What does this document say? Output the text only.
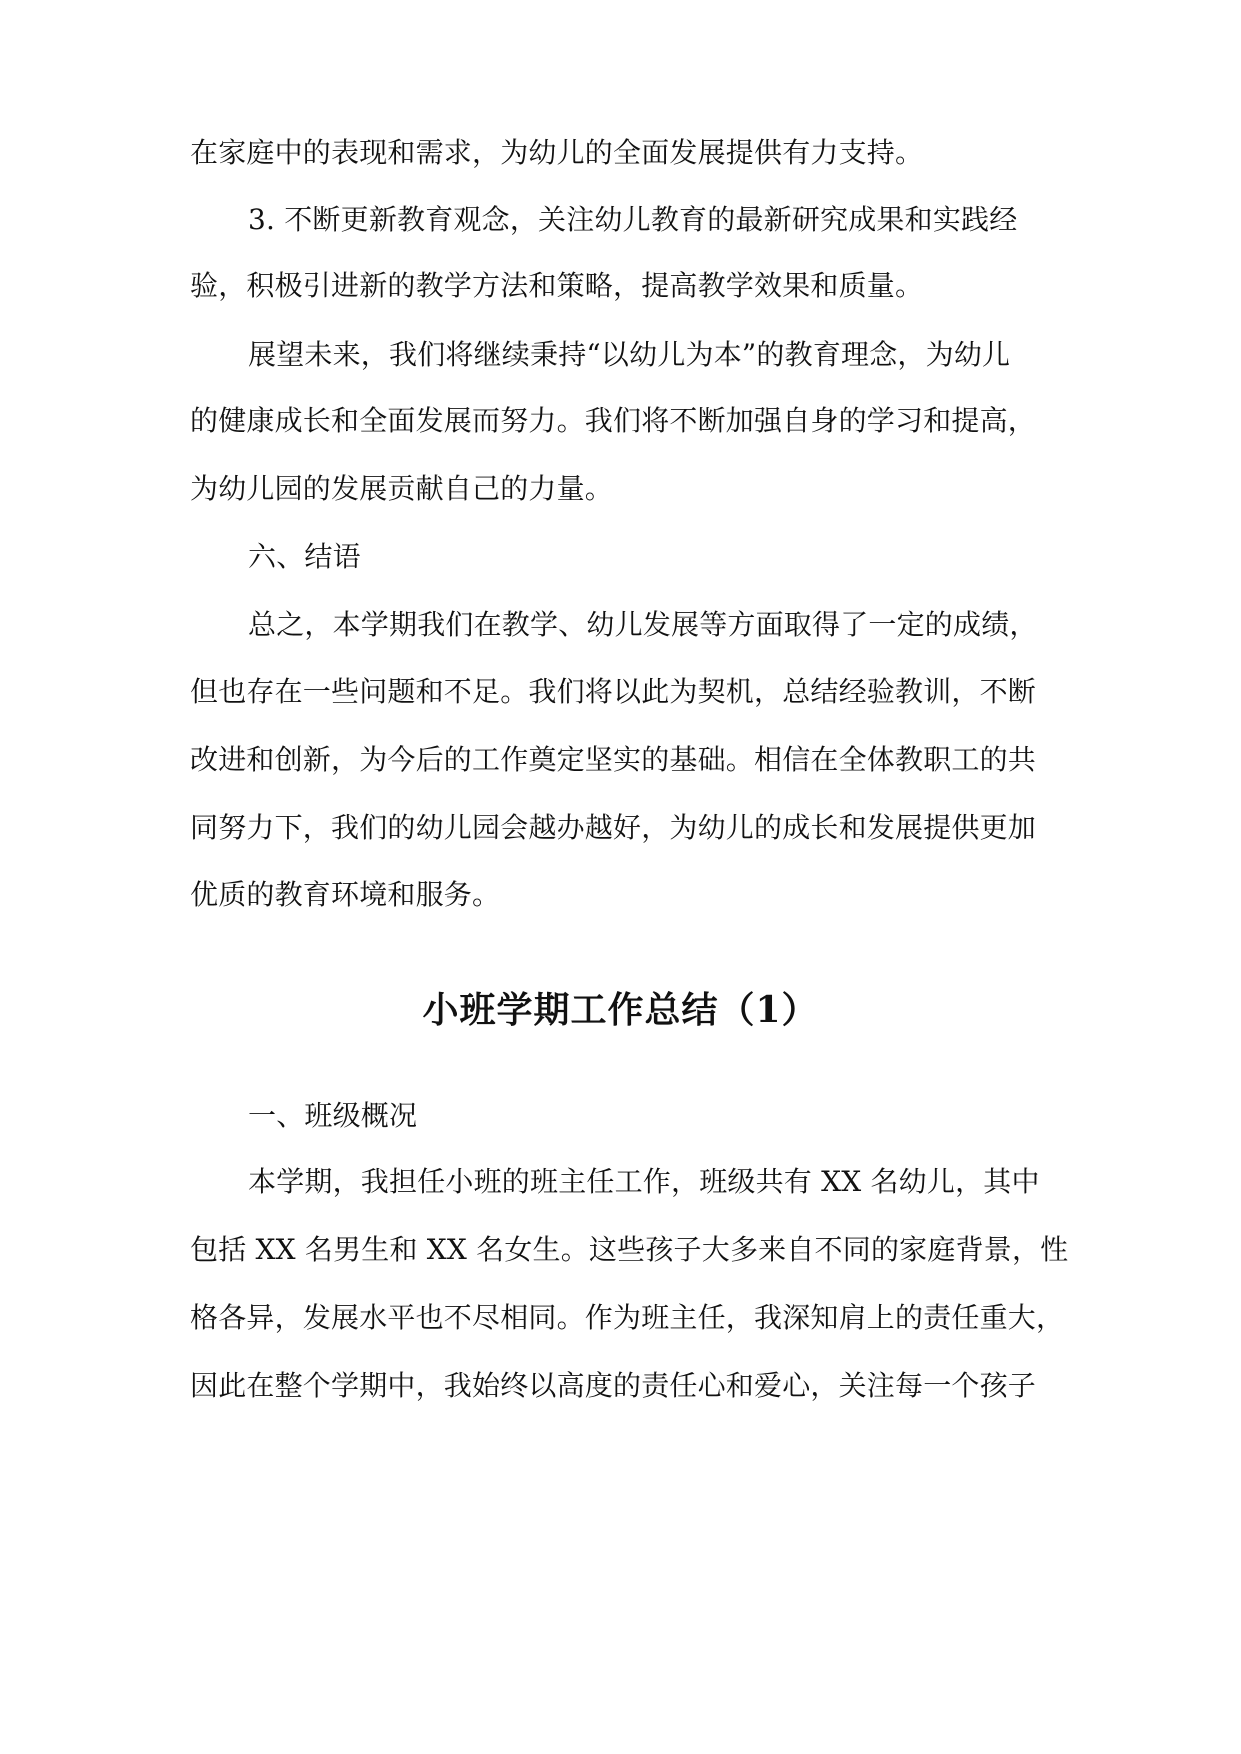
在家庭中的表现和需求，为幼儿的全面发展提供有力支持。
3. 不断更新教育观念，关注幼儿教育的最新研究成果和实践经
验，积极引进新的教学方法和策略，提高教学效果和质量。
展望未来，我们将继续秉持“以幼儿为本”的教育理念，为幼儿
的健康成长和全面发展而努力。我们将不断加强自身的学习和提高，
为幼儿园的发展贡献自己的力量。
六、结语
总之，本学期我们在教学、幼儿发展等方面取得了一定的成绩，
但也存在一些问题和不足。我们将以此为契机，总结经验教训，不断
改进和创新，为今后的工作奠定坚实的基础。相信在全体教职工的共
同努力下，我们的幼儿园会越办越好，为幼儿的成长和发展提供更加
优质的教育环境和服务。
小班学期工作总结（1）
一、班级概况
本学期，我担任小班的班主任工作，班级共有 XX 名幼儿，其中
包括 XX 名男生和 XX 名女生。这些孩子大多来自不同的家庭背景，性
格各异，发展水平也不尽相同。作为班主任，我深知肩上的责任重大，
因此在整个学期中，我始终以高度的责任心和爱心，关注每一个孩子
